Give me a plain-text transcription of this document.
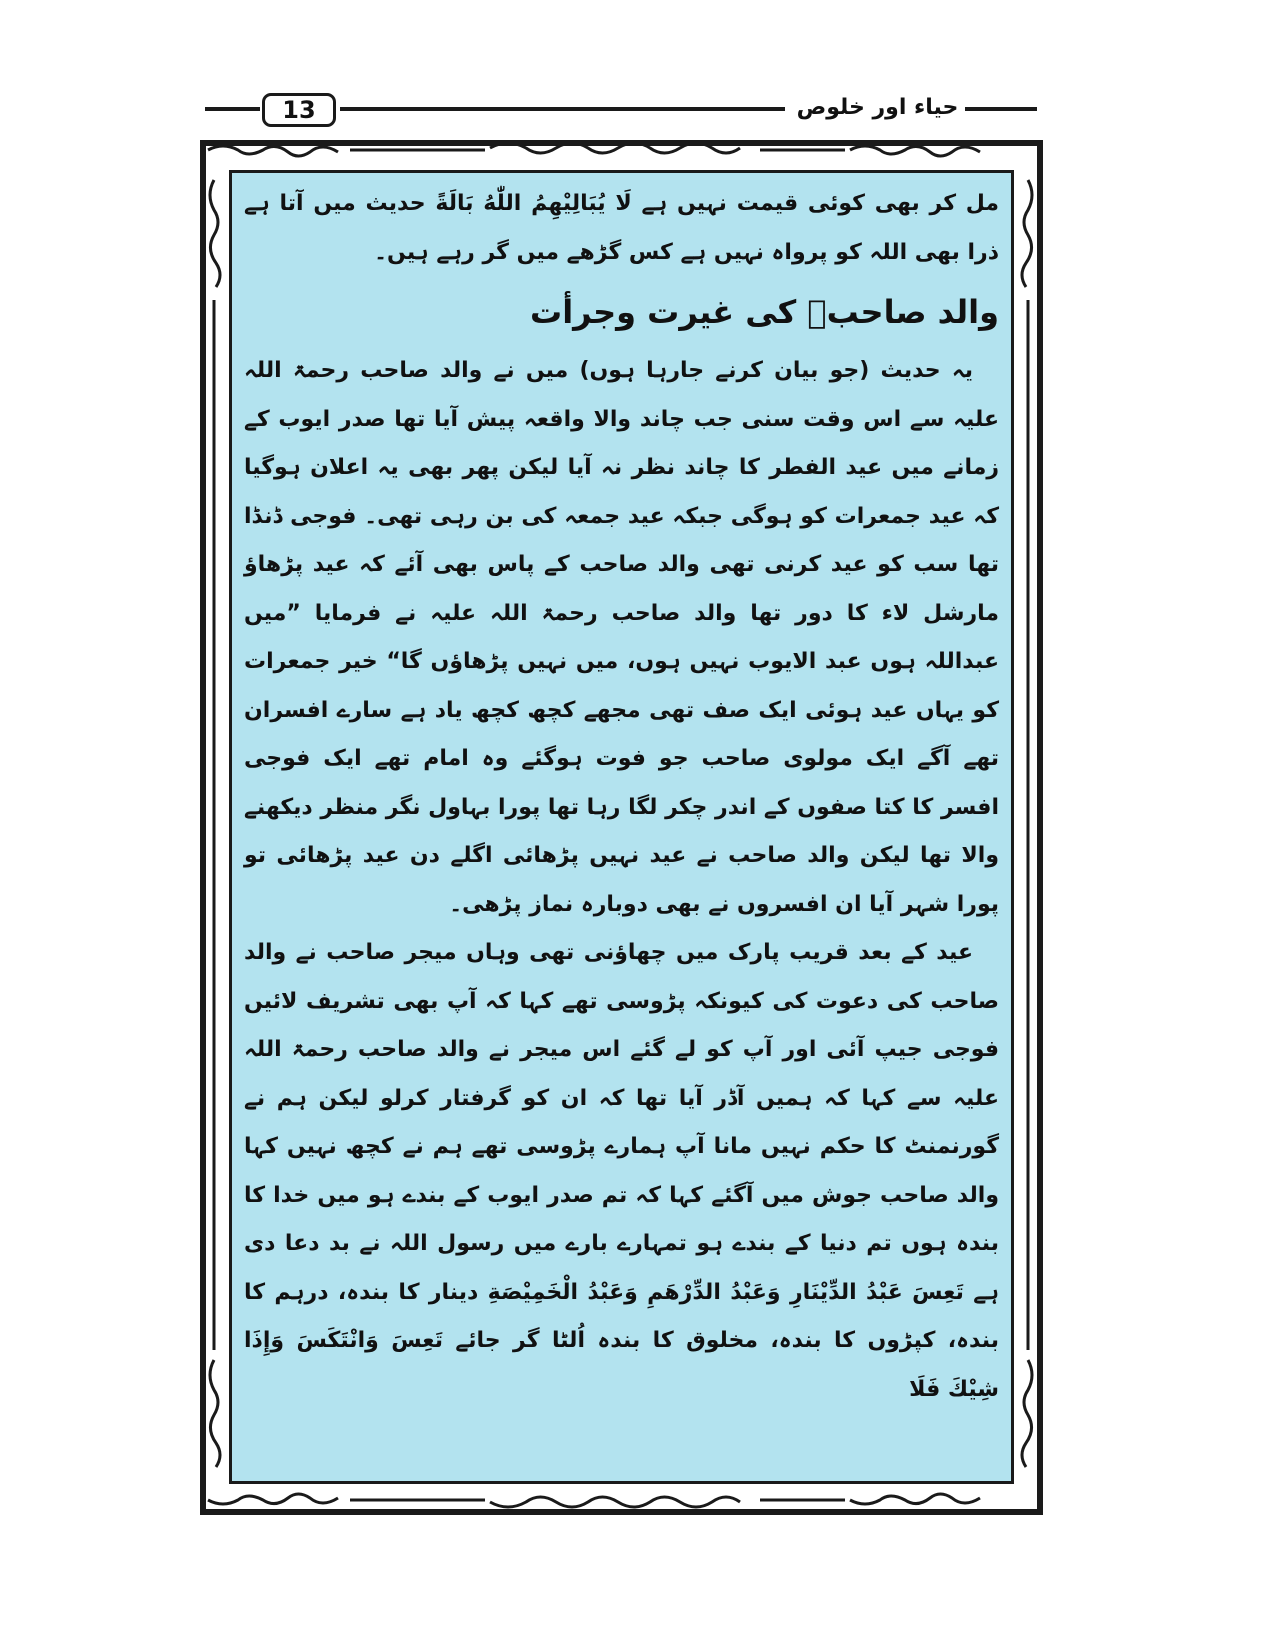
13	حیاء اور خلوص

مل کر بھی کوئی قیمت نہیں ہے لَا یُبَالِیْهِمُ اللّٰهُ بَالَةً حدیث میں آتا ہے ذرا بھی اللہ کو پرواہ نہیں ہے کس گڑھے میں گر رہے ہیں۔

والد صاحبؒ کی غیرت وجرأت

یہ حدیث (جو بیان کرنے جارہا ہوں) میں نے والد صاحب رحمۃ اللہ علیہ سے اس وقت سنی جب چاند والا واقعہ پیش آیا تھا صدر ایوب کے زمانے میں عید الفطر کا چاند نظر نہ آیا لیکن پھر بھی یہ اعلان ہوگیا کہ عید جمعرات کو ہوگی جبکہ عید جمعہ کی بن رہی تھی۔ فوجی ڈنڈا تھا سب کو عید کرنی تھی والد صاحب کے پاس بھی آئے کہ عید پڑھاؤ مارشل لاء کا دور تھا والد صاحب رحمۃ اللہ علیہ نے فرمایا ”میں عبداللہ ہوں عبد الایوب نہیں ہوں، میں نہیں پڑھاؤں گا“ خیر جمعرات کو یہاں عید ہوئی ایک صف تھی مجھے کچھ کچھ یاد ہے سارے افسران تھے آگے ایک مولوی صاحب جو فوت ہوگئے وہ امام تھے ایک فوجی افسر کا کتا صفوں کے اندر چکر لگا رہا تھا پورا بہاول نگر منظر دیکھنے والا تھا لیکن والد صاحب نے عید نہیں پڑھائی اگلے دن عید پڑھائی تو پورا شہر آیا ان افسروں نے بھی دوبارہ نماز پڑھی۔

عید کے بعد قریب پارک میں چھاؤنی تھی وہاں میجر صاحب نے والد صاحب کی دعوت کی کیونکہ پڑوسی تھے کہا کہ آپ بھی تشریف لائیں فوجی جیپ آئی اور آپ کو لے گئے اس میجر نے والد صاحب رحمۃ اللہ علیہ سے کہا کہ ہمیں آڈر آیا تھا کہ ان کو گرفتار کرلو لیکن ہم نے گورنمنٹ کا حکم نہیں مانا آپ ہمارے پڑوسی تھے ہم نے کچھ نہیں کہا والد صاحب جوش میں آگئے کہا کہ تم صدر ایوب کے بندے ہو میں خدا کا بندہ ہوں تم دنیا کے بندے ہو تمہارے بارے میں رسول اللہ نے بد دعا دی ہے تَعِسَ عَبْدُ الدِّيْنَارِ وَعَبْدُ الدِّرْهَمِ وَعَبْدُ الْخَمِيْصَةِ دینار کا بندہ، درہم کا بندہ، کپڑوں کا بندہ، مخلوق کا بندہ اُلٹا گر جائے تَعِسَ وَانْتَكَسَ وَإِذَا شِيْكَ فَلَا
